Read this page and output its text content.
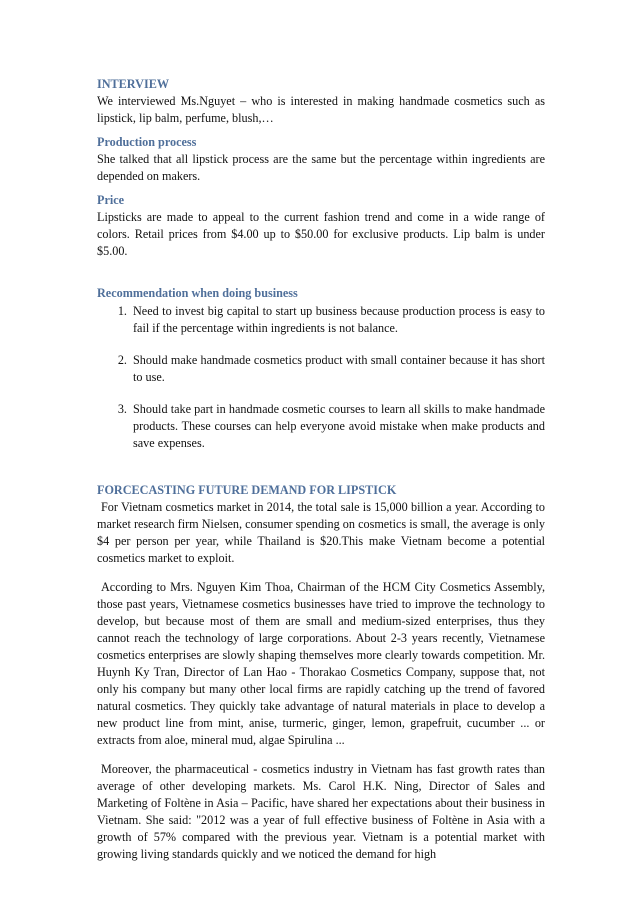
INTERVIEW

We interviewed Ms.Nguyet – who is interested in making handmade cosmetics such as lipstick, lip balm, perfume, blush,…

Production process

She talked that all lipstick process are the same but the percentage within ingredients are depended on makers.

Price

Lipsticks are made to appeal to the current fashion trend and come in a wide range of colors. Retail prices from $4.00 up to $50.00 for exclusive products. Lip balm is under $5.00.

Recommendation when doing business
1. Need to invest big capital to start up business because production process is easy to fail if the percentage within ingredients is not balance.
2. Should make handmade cosmetics product with small container because it has short to use.
3. Should take part in handmade cosmetic courses to learn all skills to make handmade products. These courses can help everyone avoid mistake when make products and save expenses.
FORCECASTING FUTURE DEMAND FOR LIPSTICK

For Vietnam cosmetics market in 2014, the total sale is 15,000 billion a year. According to market research firm Nielsen, consumer spending on cosmetics is small, the average is only $4 per person per year, while Thailand is $20.This make Vietnam become a potential cosmetics market to exploit.

According to Mrs. Nguyen Kim Thoa, Chairman of the HCM City Cosmetics Assembly, those past years, Vietnamese cosmetics businesses have tried to improve the technology to develop, but because most of them are small and medium-sized enterprises, thus they cannot reach the technology of large corporations. About 2-3 years recently, Vietnamese cosmetics enterprises are slowly shaping themselves more clearly towards competition. Mr. Huynh Ky Tran, Director of Lan Hao - Thorakao Cosmetics Company, suppose that, not only his company but many other local firms are rapidly catching up the trend of favored natural cosmetics. They quickly take advantage of natural materials in place to develop a new product line from mint, anise, turmeric, ginger, lemon, grapefruit, cucumber ... or extracts from aloe, mineral mud, algae Spirulina ...

Moreover, the pharmaceutical - cosmetics industry in Vietnam has fast growth rates than average of other developing markets. Ms. Carol H.K. Ning, Director of Sales and Marketing of Foltène in Asia – Pacific, have shared her expectations about their business in Vietnam. She said: "2012 was a year of full effective business of Foltène in Asia with a growth of 57% compared with the previous year. Vietnam is a potential market with growing living standards quickly and we noticed the demand for high
